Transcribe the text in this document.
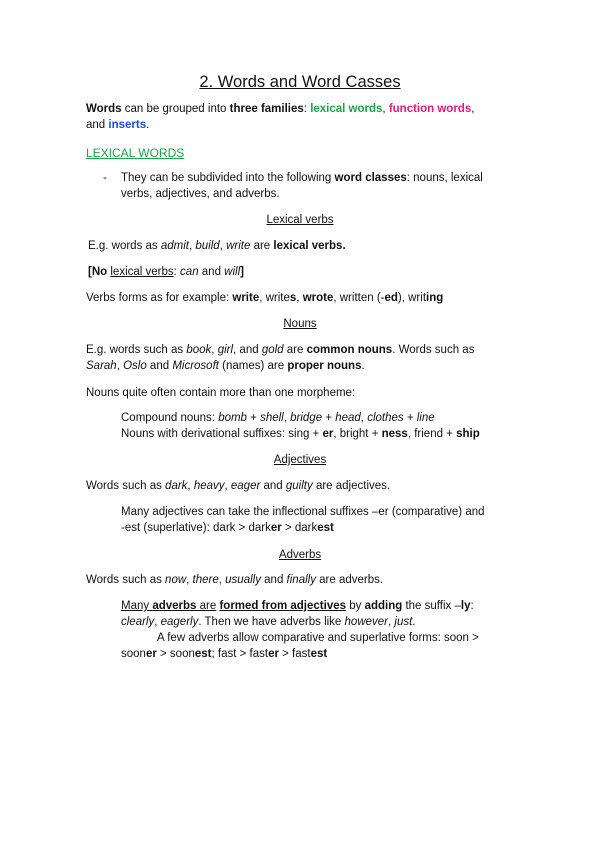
2. Words and Word Casses
Words can be grouped into three families: lexical words, function words,
and inserts.
LEXICAL WORDS
- They can be subdivided into the following word classes: nouns, lexical
verbs, adjectives, and adverbs.
Lexical verbs
E.g. words as admit, build, write are lexical verbs.
[No lexical verbs: can and will]
Verbs forms as for example: write, writes, wrote, written (-ed), writing
Nouns
E.g. words such as book, girl, and gold are common nouns. Words such as
Sarah, Oslo and Microsoft (names) are proper nouns.
Nouns quite often contain more than one morpheme:
Compound nouns: bomb + shell, bridge + head, clothes + line
Nouns with derivational suffixes: sing + er, bright + ness, friend + ship
Adjectives
Words such as dark, heavy, eager and guilty are adjectives.
Many adjectives can take the inflectional suffixes –er (comparative) and
-est (superlative): dark > darker > darkest
Adverbs
Words such as now, there, usually and finally are adverbs.
Many adverbs are formed from adjectives by adding the suffix –ly:
clearly, eagerly. Then we have adverbs like however, just.
A few adverbs allow comparative and superlative forms: soon >
sooner > soonest; fast > faster > fastest
